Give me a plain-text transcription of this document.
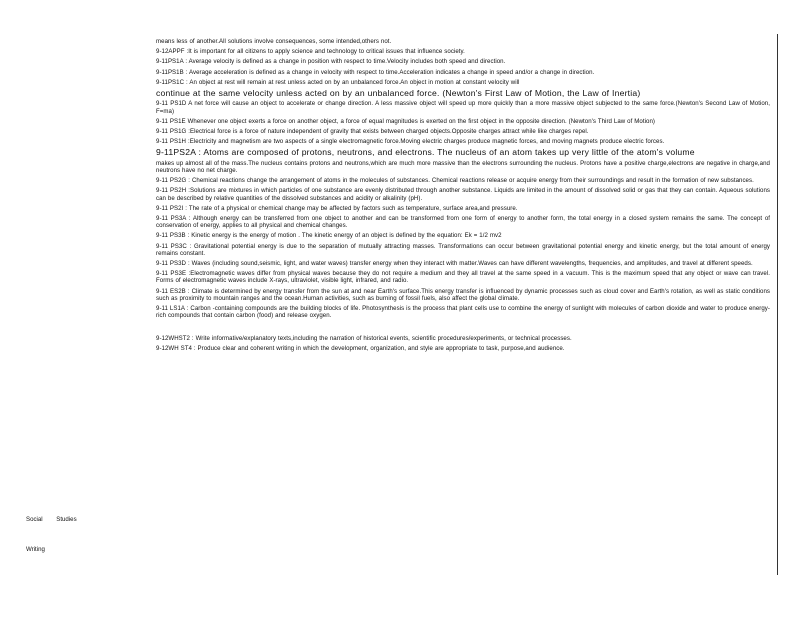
Social Studies
Writing

means less of another.All solutions involve consequences, some intended,others not.

9-12APPF :It is important for all citizens to apply science and technology to critical issues that influence society.

9-11PS1A : Average velocity is defined as a change in position with respect to time.Velocity includes both speed and direction.

9-11PS1B : Average acceleration is defined as a change in velocity with respect to time.Acceleration indicates a change in speed and/or a change in direction.

9-11PS1C : An object at rest will remain at rest unless acted on by an unbalanced force.An object in motion at constant velocity will

continue at the same velocity unless acted on by an unbalanced force. (Newton's First Law of Motion, the Law of Inertia)

9-11 PS1D A net force will cause an object to accelerate or change direction. A less massive object will speed up more quickly than a more massive object subjected to the same force.(Newton's Second Law of Motion, F=ma)

9-11 PS1E Whenever one object exerts a force on another object, a force of equal magnitudes is exerted on the first object in the opposite direction. (Newton's Third Law of Motion)

9-11 PS1G :Electrical force is a force of nature independent of gravity that exists between charged objects.Opposite charges attract while like charges repel.

9-11 PS1H :Electricity and magnetism are two aspects of a single electromagnetic force.Moving electric charges produce magnetic forces, and moving magnets produce electric forces.

9-11PS2A : Atoms are composed of protons, neutrons, and electrons. The nucleus of an atom takes up very little of the atom's volume

makes up almost all of the mass.The nucleus contains protons and neutrons,which are much more massive than the electrons surrounding the nucleus. Protons have a positive charge,electrons are negative in charge,and neutrons have no net charge.

9-11 PS2G : Chemical reactions change the arrangement of atoms in the molecules of substances. Chemical reactions release or acquire energy from their surroundings and result in the formation of new substances.

9-11 PS2H :Solutions are mixtures in which particles of one substance are evenly distributed through another substance. Liquids are limited in the amount of dissolved solid or gas that they can contain. Aqueous solutions can be described by relative quantities of the dissolved substances and acidity or alkalinity (pH).

9-11 PS2I : The rate of a physical or chemical change may be affected by factors such as temperature, surface area,and pressure.

9-11 PS3A : Although energy can be transferred from one object to another and can be transformed from one form of energy to another form, the total energy in a closed system remains the same. The concept of conservation of energy, applies to all physical and chemical changes.

9-11 PS3B : Kinetic energy is the energy of motion . The kinetic energy of an object is defined by the equation: Ek = 1/2 mv2

9-11 PS3C : Gravitational potential energy is due to the separation of mutually attracting masses. Transformations can occur between gravitational potential energy and kinetic energy, but the total amount of energy remains constant.

9-11 PS3D : Waves (including sound,seismic, light, and water waves) transfer energy when they interact with matter.Waves can have different wavelengths, frequencies, and amplitudes, and travel at different speeds.

9-11 PS3E :Electromagnetic waves differ from physical waves because they do not require a medium and they all travel at the same speed in a vacuum. This is the maximum speed that any object or wave can travel. Forms of electromagnetic waves include X-rays, ultraviolet, visible light, infrared, and radio.

9-11 ES2B : Climate is determined by energy transfer from the sun at and near Earth's surface.This energy transfer is influenced by dynamic processes such as cloud cover and Earth's rotation, as well as static conditions such as proximity to mountain ranges and the ocean.Human activities, such as burning of fossil fuels, also affect the global climate.

9-11 LS1A : Carbon -containing compounds are the building blocks of life. Photosynthesis is the process that plant cells use to combine the energy of sunlight with molecules of carbon dioxide and water to produce energy-rich compounds that contain carbon (food) and release oxygen.

9-12WHST2 : Write informative/explanatory texts,including the narration of historical events, scientific procedures/experiments, or technical processes.

9-12WH ST4 : Produce clear and coherent writing in which the development, organization, and style are appropriate to task, purpose,and audience.
